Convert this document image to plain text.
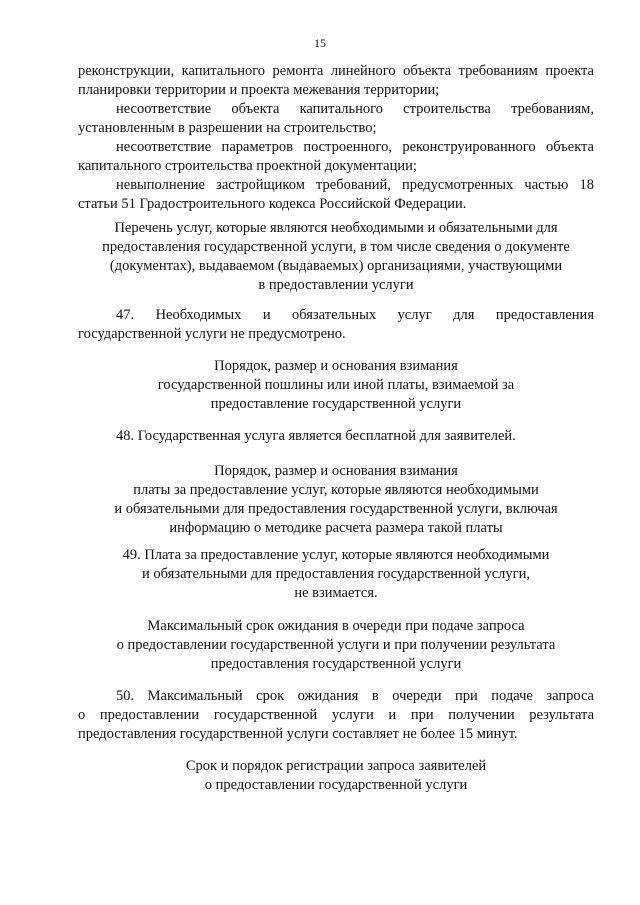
15

реконструкции, капитального ремонта линейного объекта требованиям проекта

планировки территории и проекта межевания территории;

несоответствие объекта капитального строительства требованиям,

установленным в разрешении на строительство;

несоответствие параметров построенного, реконструированного объекта

капитального строительства проектной документации;

невыполнение застройщиком требований, предусмотренных частью 18

статьи 51 Градостроительного кодекса Российской Федерации.

Перечень услуг, которые являются необходимыми и обязательными для

предоставления государственной услуги, в том числе сведения о документе

(документах), выдаваемом (выдаваемых) организациями, участвующими

в предоставлении услуги

47. Необходимых и обязательных услуг для предоставления

государственной услуги не предусмотрено.

Порядок, размер и основания взимания

государственной пошлины или иной платы, взимаемой за

предоставление государственной услуги

48. Государственная услуга является бесплатной для заявителей.

Порядок, размер и основания взимания

платы за предоставление услуг, которые являются необходимыми

и обязательными для предоставления государственной услуги, включая

информацию о методике расчета размера такой платы

49. Плата за предоставление услуг, которые являются необходимыми

и обязательными для предоставления государственной услуги,

не взимается.

Максимальный срок ожидания в очереди при подаче запроса

о предоставлении государственной услуги и при получении результата

предоставления государственной услуги

50. Максимальный срок ожидания в очереди при подаче запроса

о предоставлении государственной услуги и при получении результата

предоставления государственной услуги составляет не более 15 минут.

Срок и порядок регистрации запроса заявителей

о предоставлении государственной услуги
